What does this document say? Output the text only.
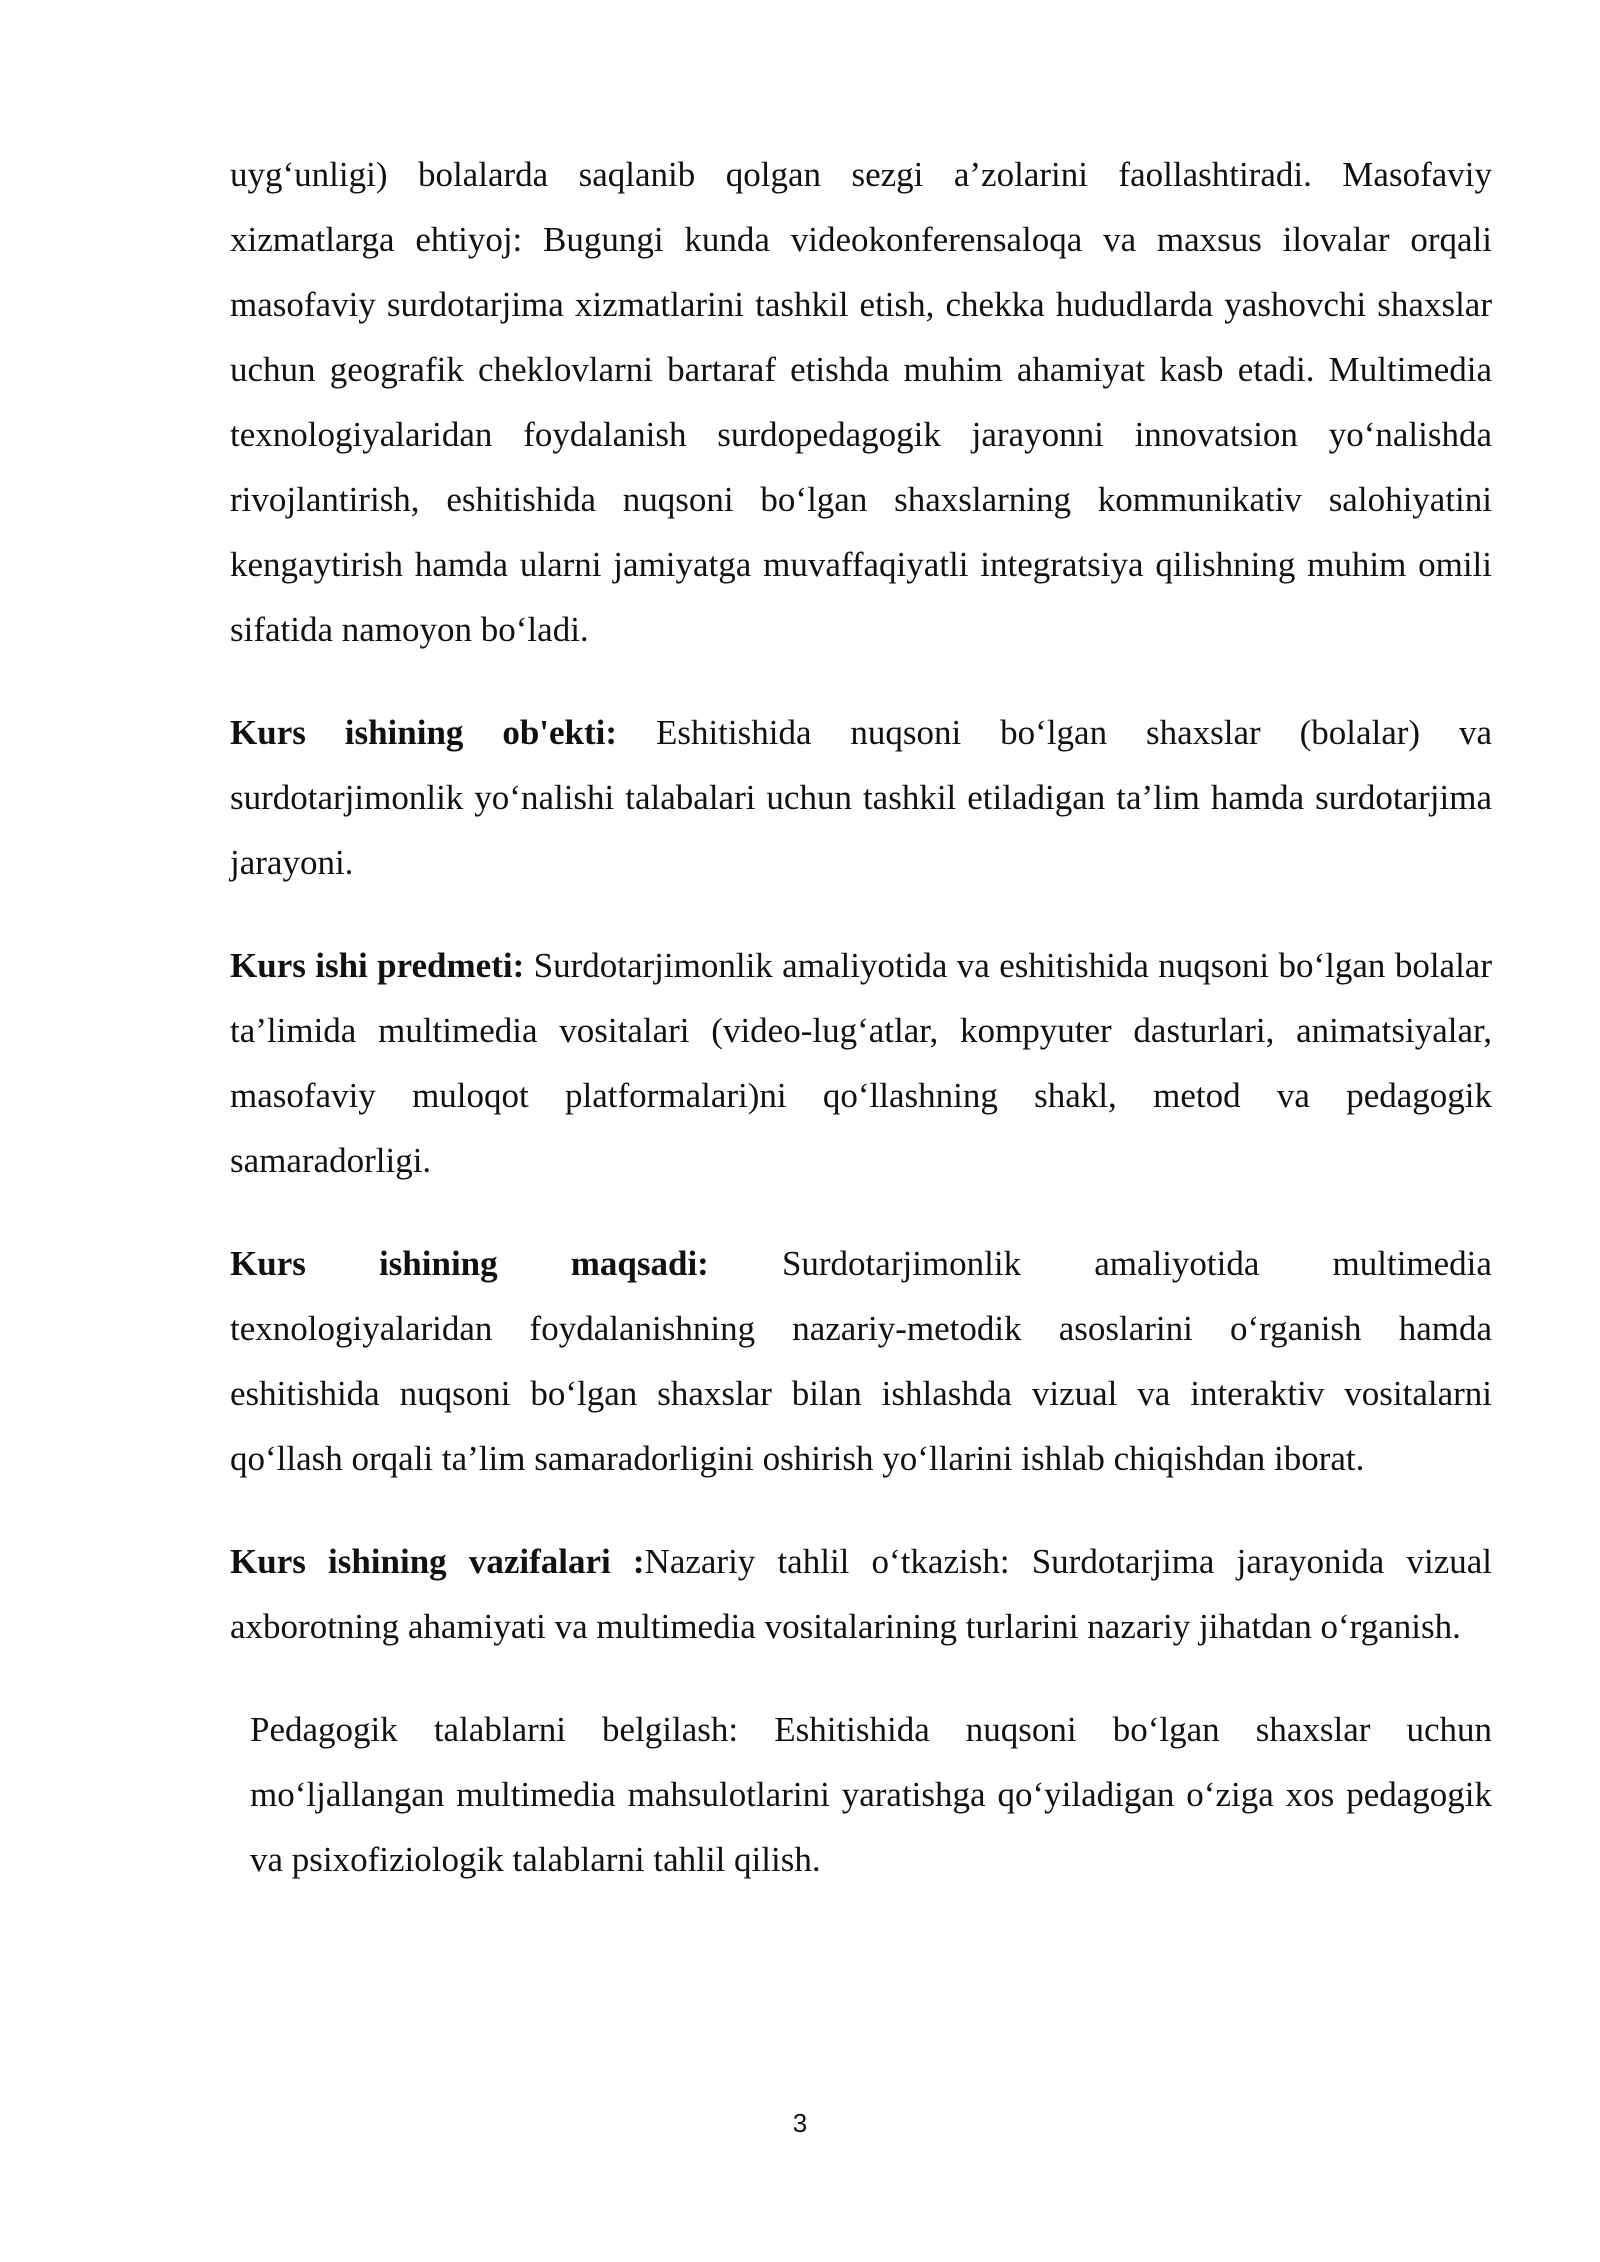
uyg‘unligi) bolalarda saqlanib qolgan sezgi a’zolarini faollashtiradi. Masofaviy xizmatlarga ehtiyoj: Bugungi kunda videokonferensaloqa va maxsus ilovalar orqali masofaviy surdotarjima xizmatlarini tashkil etish, chekka hududlarda yashovchi shaxslar uchun geografik cheklovlarni bartaraf etishda muhim ahamiyat kasb etadi. Multimedia texnologiyalaridan foydalanish surdopedagogik jarayonni innovatsion yo‘nalishda rivojlantirish, eshitishida nuqsoni bo‘lgan shaxslarning kommunikativ salohiyatini kengaytirish hamda ularni jamiyatga muvaffaqiyatli integratsiya qilishning muhim omili sifatida namoyon bo‘ladi.

Kurs ishining ob'ekti: Eshitishida nuqsoni bo‘lgan shaxslar (bolalar) va surdotarjimonlik yo‘nalishi talabalari uchun tashkil etiladigan ta’lim hamda surdotarjima jarayoni.

Kurs ishi predmeti: Surdotarjimonlik amaliyotida va eshitishida nuqsoni bo‘lgan bolalar ta’limida multimedia vositalari (video-lug‘atlar, kompyuter dasturlari, animatsiyalar, masofaviy muloqot platformalari)ni qo‘llashning shakl, metod va pedagogik samaradorligi.

Kurs ishining maqsadi: Surdotarjimonlik amaliyotida multimedia

texnologiyalaridan foydalanishning nazariy-metodik asoslarini o‘rganish hamda eshitishida nuqsoni bo‘lgan shaxslar bilan ishlashda vizual va interaktiv vositalarni qo‘llash orqali ta’lim samaradorligini oshirish yo‘llarini ishlab chiqishdan iborat.

Kurs ishining vazifalari :Nazariy tahlil o‘tkazish: Surdotarjima jarayonida vizual axborotning ahamiyati va multimedia vositalarining turlarini nazariy jihatdan o‘rganish.

Pedagogik talablarni belgilash: Eshitishida nuqsoni bo‘lgan shaxslar uchun mo‘ljallangan multimedia mahsulotlarini yaratishga qo‘yiladigan o‘ziga xos pedagogik va psixofiziologik talablarni tahlil qilish.

3
